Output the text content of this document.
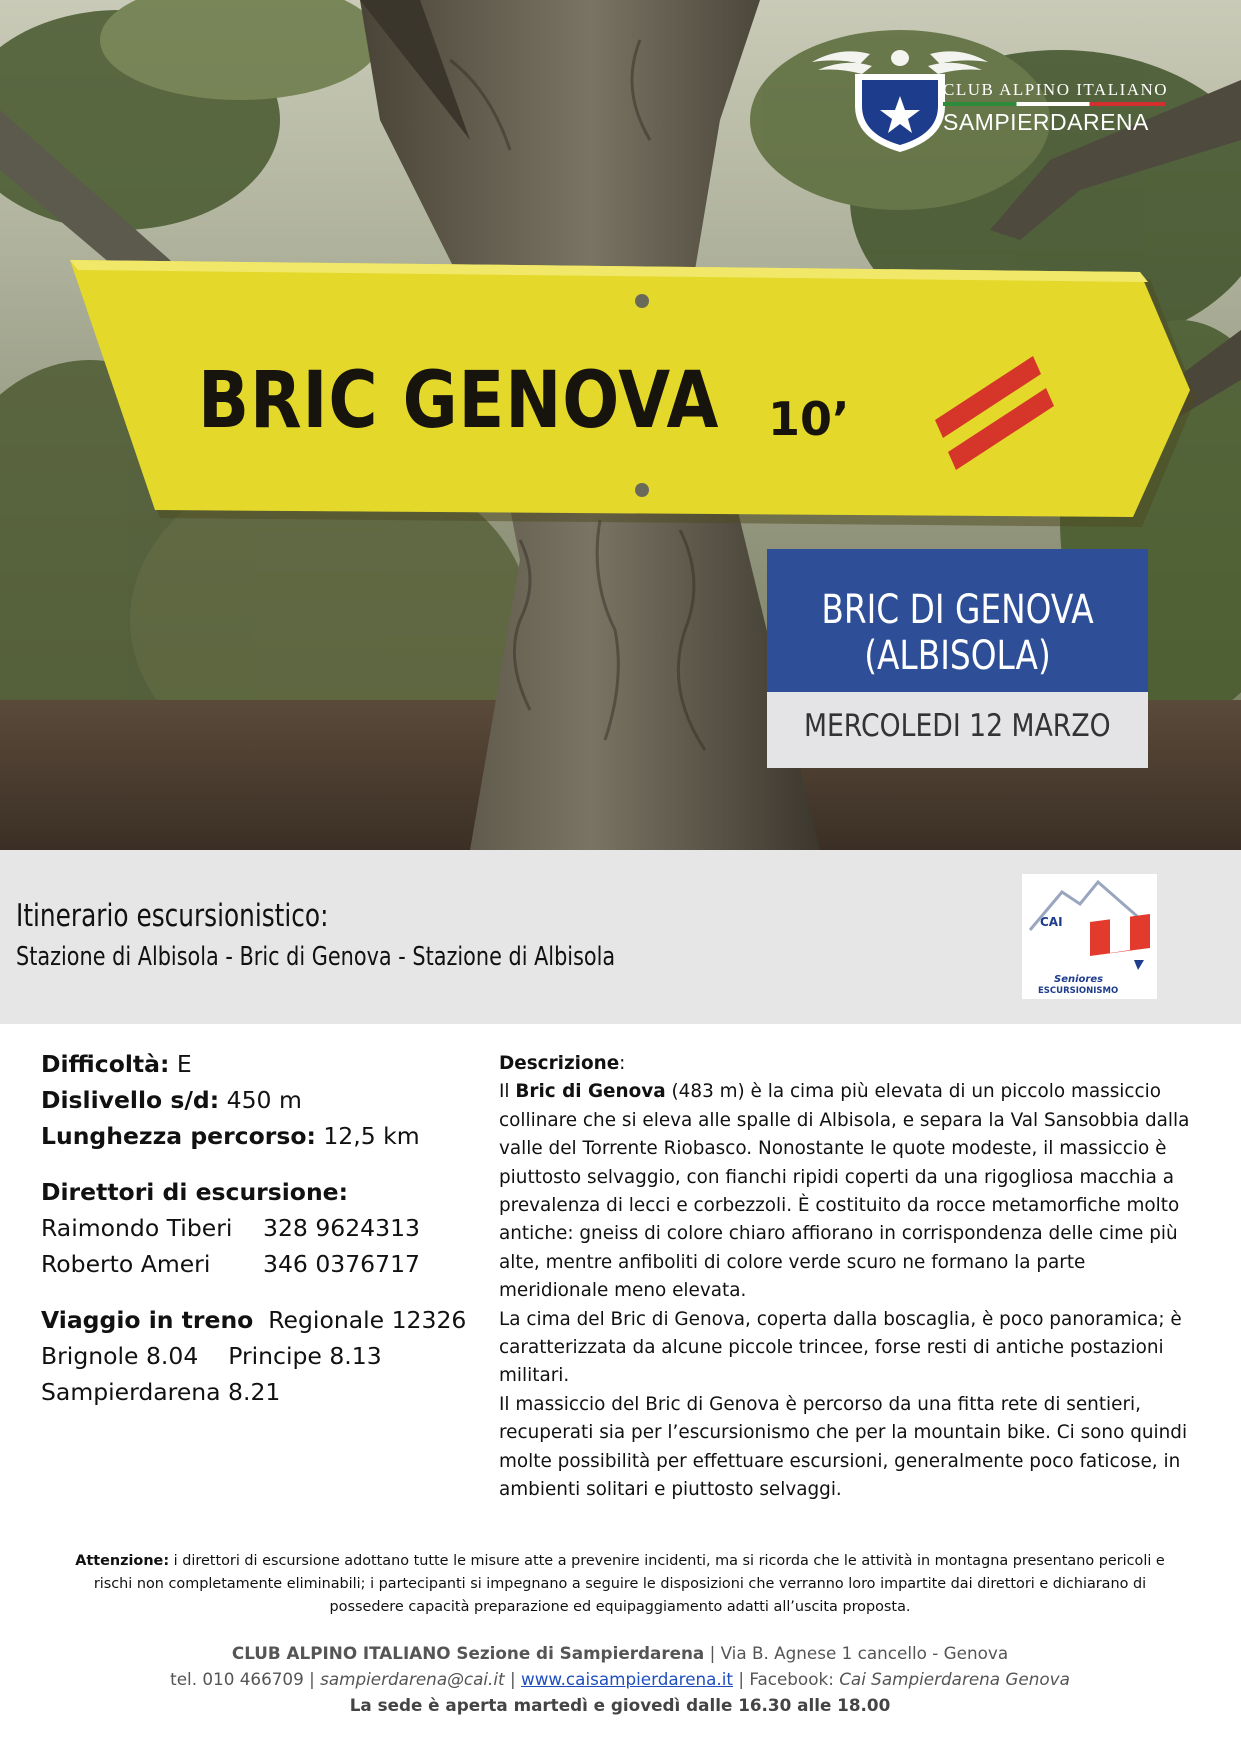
BRIC GENOVA 10’
CLUB ALPINO ITALIANO
SAMPIERDARENA
BRIC DI GENOVA
(ALBISOLA)
MERCOLEDI 12 MARZO
Itinerario escursionistico:
Stazione di Albisola - Bric di Genova - Stazione di Albisola
CAI
Seniores
ESCURSIONISMO
Difficoltà: E
Dislivello s/d: 450 m
Lunghezza percorso: 12,5 km
Direttori di escursione:
Raimondo Tiberi 328 9624313
Roberto Ameri 346 0376717
Viaggio in treno Regionale 12326
Brignole 8.04 Principe 8.13
Sampierdarena 8.21

Descrizione:

Il Bric di Genova (483 m) è la cima più elevata di un piccolo massiccio collinare che si eleva alle spalle di Albisola, e separa la Val Sansobbia dalla valle del Torrente Riobasco. Nonostante le quote modeste, il massiccio è piuttosto selvaggio, con fianchi ripidi coperti da una rigogliosa macchia a prevalenza di lecci e corbezzoli. È costituito da rocce metamorfiche molto antiche: gneiss di colore chiaro affiorano in corrispondenza delle cime più alte, mentre anfiboliti di colore verde scuro ne formano la parte meridionale meno elevata.

La cima del Bric di Genova, coperta dalla boscaglia, è poco panoramica; è caratterizzata da alcune piccole trincee, forse resti di antiche postazioni militari.

Il massiccio del Bric di Genova è percorso da una fitta rete di sentieri, recuperati sia per l’escursionismo che per la mountain bike. Ci sono quindi molte possibilità per effettuare escursioni, generalmente poco faticose, in ambienti solitari e piuttosto selvaggi.

Attenzione: i direttori di escursione adottano tutte le misure atte a prevenire incidenti, ma si ricorda che le attività in montagna presentano pericoli e rischi non completamente eliminabili; i partecipanti si impegnano a seguire le disposizioni che verranno loro impartite dai direttori e dichiarano di possedere capacità preparazione ed equipaggiamento adatti all’uscita proposta.
CLUB ALPINO ITALIANO Sezione di Sampierdarena | Via B. Agnese 1 cancello - Genova
tel. 010 466709 | sampierdarena@cai.it | www.caisampierdarena.it | Facebook: Cai Sampierdarena Genova
La sede è aperta martedì e giovedì dalle 16.30 alle 18.00
